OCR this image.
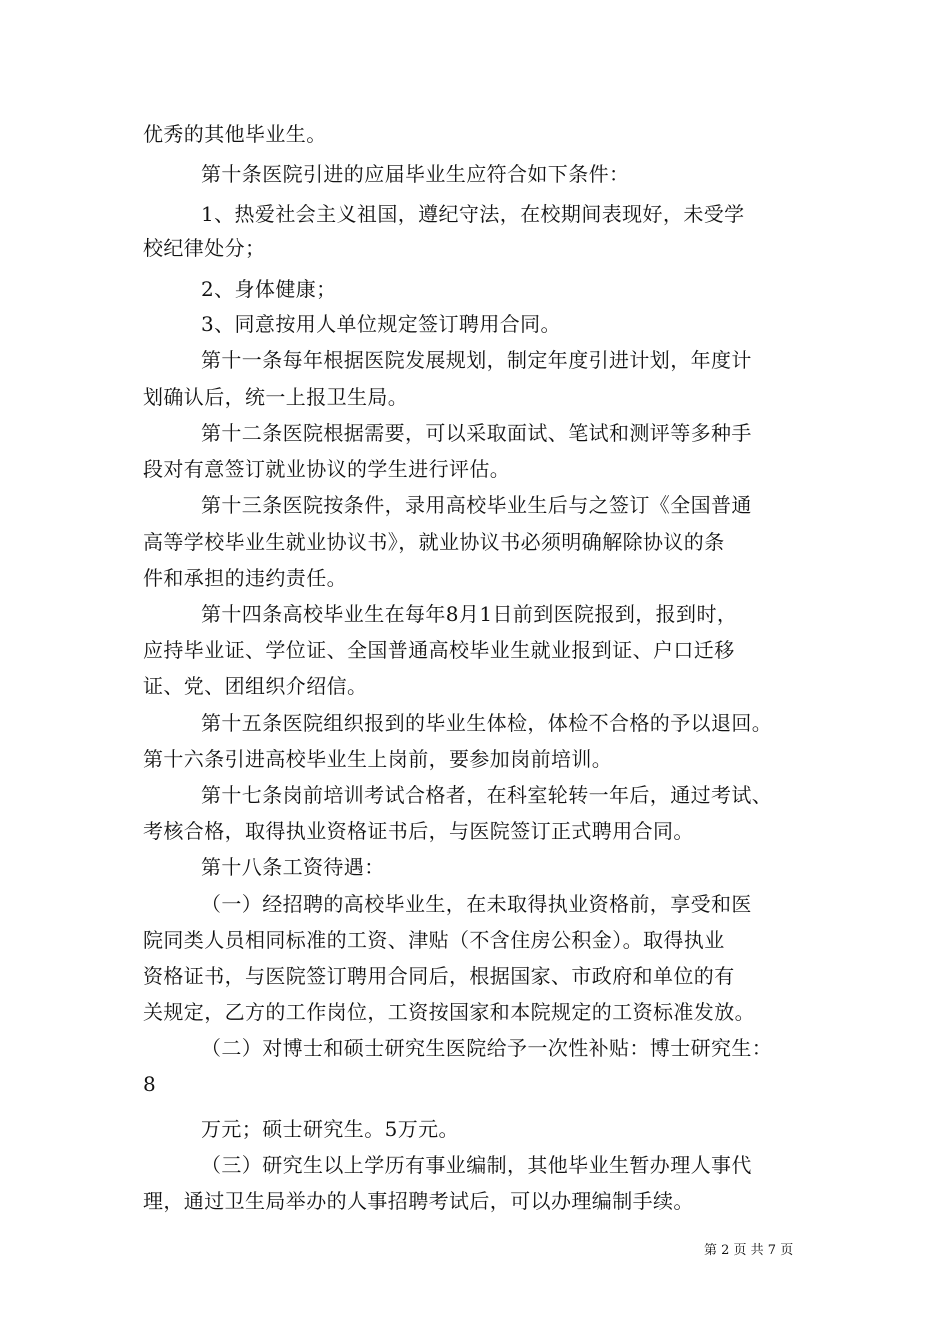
优秀的其他毕业生。
第十条医院引进的应届毕业生应符合如下条件：
1、热爱社会主义祖国，遵纪守法，在校期间表现好，未受学
校纪律处分；
2、身体健康；
3、同意按用人单位规定签订聘用合同。
第十一条每年根据医院发展规划，制定年度引进计划，年度计
划确认后，统一上报卫生局。
第十二条医院根据需要，可以采取面试、笔试和测评等多种手
段对有意签订就业协议的学生进行评估。
第十三条医院按条件，录用高校毕业生后与之签订《全国普通
高等学校毕业生就业协议书》，就业协议书必须明确解除协议的条
件和承担的违约责任。
第十四条高校毕业生在每年8月1日前到医院报到，报到时，
应持毕业证、学位证、全国普通高校毕业生就业报到证、户口迁移
证、党、团组织介绍信。
第十五条医院组织报到的毕业生体检，体检不合格的予以退回。
第十六条引进高校毕业生上岗前，要参加岗前培训。
第十七条岗前培训考试合格者，在科室轮转一年后，通过考试、
考核合格，取得执业资格证书后，与医院签订正式聘用合同。
第十八条工资待遇：
（一）经招聘的高校毕业生，在未取得执业资格前，享受和医
院同类人员相同标准的工资、津贴（不含住房公积金）。取得执业
资格证书，与医院签订聘用合同后，根据国家、市政府和单位的有
关规定，乙方的工作岗位，工资按国家和本院规定的工资标准发放。
（二）对博士和硕士研究生医院给予一次性补贴：博士研究生：
8
万元；硕士研究生。5万元。
（三）研究生以上学历有事业编制，其他毕业生暂办理人事代
理，通过卫生局举办的人事招聘考试后，可以办理编制手续。
第 2 页 共 7 页
